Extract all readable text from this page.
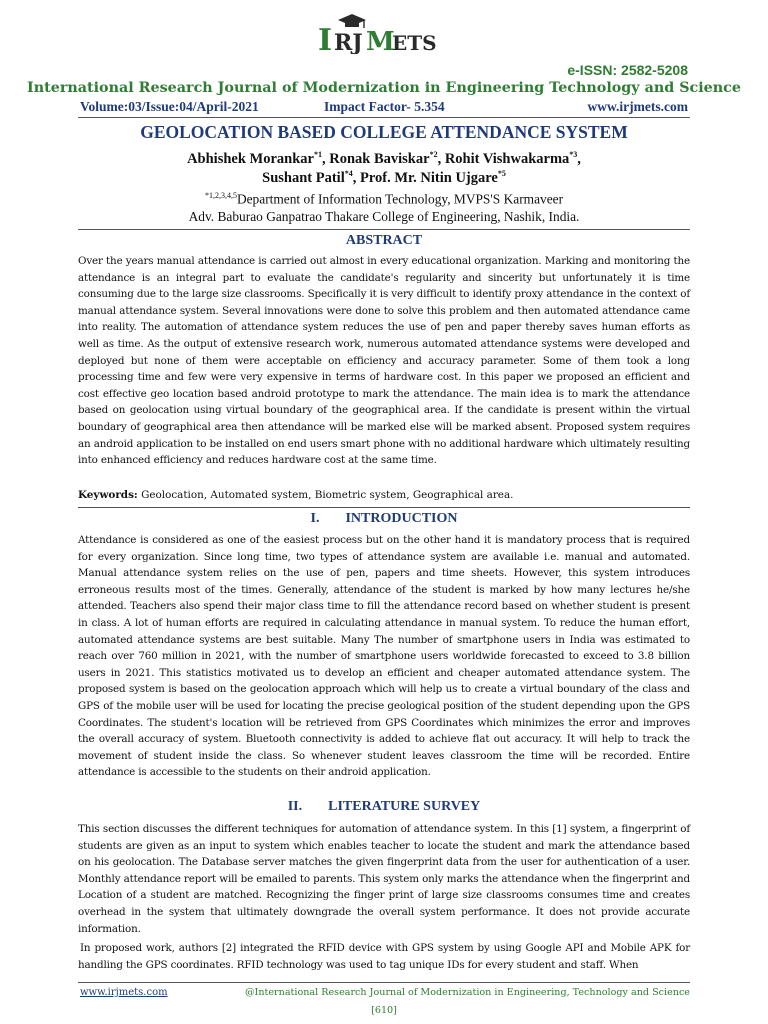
I RJ M
ETS
e-ISSN: 2582-5208
International Research Journal of Modernization in Engineering Technology and Science
Volume:03/Issue:04/April-2021	Impact Factor- 5.354	www.irjmets.com
GEOLOCATION BASED COLLEGE ATTENDANCE SYSTEM
Abhishek Morankar$^{*1}$, Ronak Baviskar$^{*2}$, Rohit Vishwakarma$^{*3}$,
Sushant Patil$^{*4}$, Prof. Mr. Nitin Ujgare$^{*5}$
$^{*1,2,3,4,5}$Department of Information Technology, MVPS'S Karmaveer
Adv. Baburao Ganpatrao Thakare College of Engineering, Nashik, India.
ABSTRACT
Over the years manual attendance is carried out almost in every educational organization. Marking and monitoring the attendance is an integral part to evaluate the candidate's regularity and sincerity but unfortunately it is time consuming due to the large size classrooms. Specifically it is very difficult to identify proxy attendance in the context of manual attendance system. Several innovations were done to solve this problem and then automated attendance came into reality. The automation of attendance system reduces the use of pen and paper thereby saves human efforts as well as time. As the output of extensive research work, numerous automated attendance systems were developed and deployed but none of them were acceptable on efficiency and accuracy parameter. Some of them took a long processing time and few were very expensive in terms of hardware cost. In this paper we proposed an efficient and cost effective geo location based android prototype to mark the attendance. The main idea is to mark the attendance based on geolocation using virtual boundary of the geographical area. If the candidate is present within the virtual boundary of geographical area then attendance will be marked else will be marked absent. Proposed system requires an android application to be installed on end users smart phone with no additional hardware which ultimately resulting into enhanced efficiency and reduces hardware cost at the same time.
Keywords: Geolocation, Automated system, Biometric system, Geographical area.
I. INTRODUCTION
Attendance is considered as one of the easiest process but on the other hand it is mandatory process that is required for every organization. Since long time, two types of attendance system are available i.e. manual and automated. Manual attendance system relies on the use of pen, papers and time sheets. However, this system introduces erroneous results most of the times. Generally, attendance of the student is marked by how many lectures he/she attended. Teachers also spend their major class time to fill the attendance record based on whether student is present in class. A lot of human efforts are required in calculating attendance in manual system. To reduce the human effort, automated attendance systems are best suitable. Many The number of smartphone users in India was estimated to reach over 760 million in 2021, with the number of smartphone users worldwide forecasted to exceed to 3.8 billion users in 2021. This statistics motivated us to develop an efficient and cheaper automated attendance system. The proposed system is based on the geolocation approach which will help us to create a virtual boundary of the class and GPS of the mobile user will be used for locating the precise geological position of the student depending upon the GPS Coordinates. The student's location will be retrieved from GPS Coordinates which minimizes the error and improves the overall accuracy of system. Bluetooth connectivity is added to achieve flat out accuracy. It will help to track the movement of student inside the class. So whenever student leaves classroom the time will be recorded. Entire attendance is accessible to the students on their android application.
II. LITERATURE SURVEY
This section discusses the different techniques for automation of attendance system. In this [1] system, a fingerprint of students are given as an input to system which enables teacher to locate the student and mark the attendance based on his geolocation. The Database server matches the given fingerprint data from the user for authentication of a user. Monthly attendance report will be emailed to parents. This system only marks the attendance when the fingerprint and Location of a student are matched. Recognizing the finger print of large size classrooms consumes time and creates overhead in the system that ultimately downgrade the overall system performance. It does not provide accurate information.
In proposed work, authors [2] integrated the RFID device with GPS system by using Google API and Mobile APK for handling the GPS coordinates. RFID technology was used to tag unique IDs for every student and staff. When
www.irjmets.com	@International Research Journal of Modernization in Engineering, Technology and Science
[610]
